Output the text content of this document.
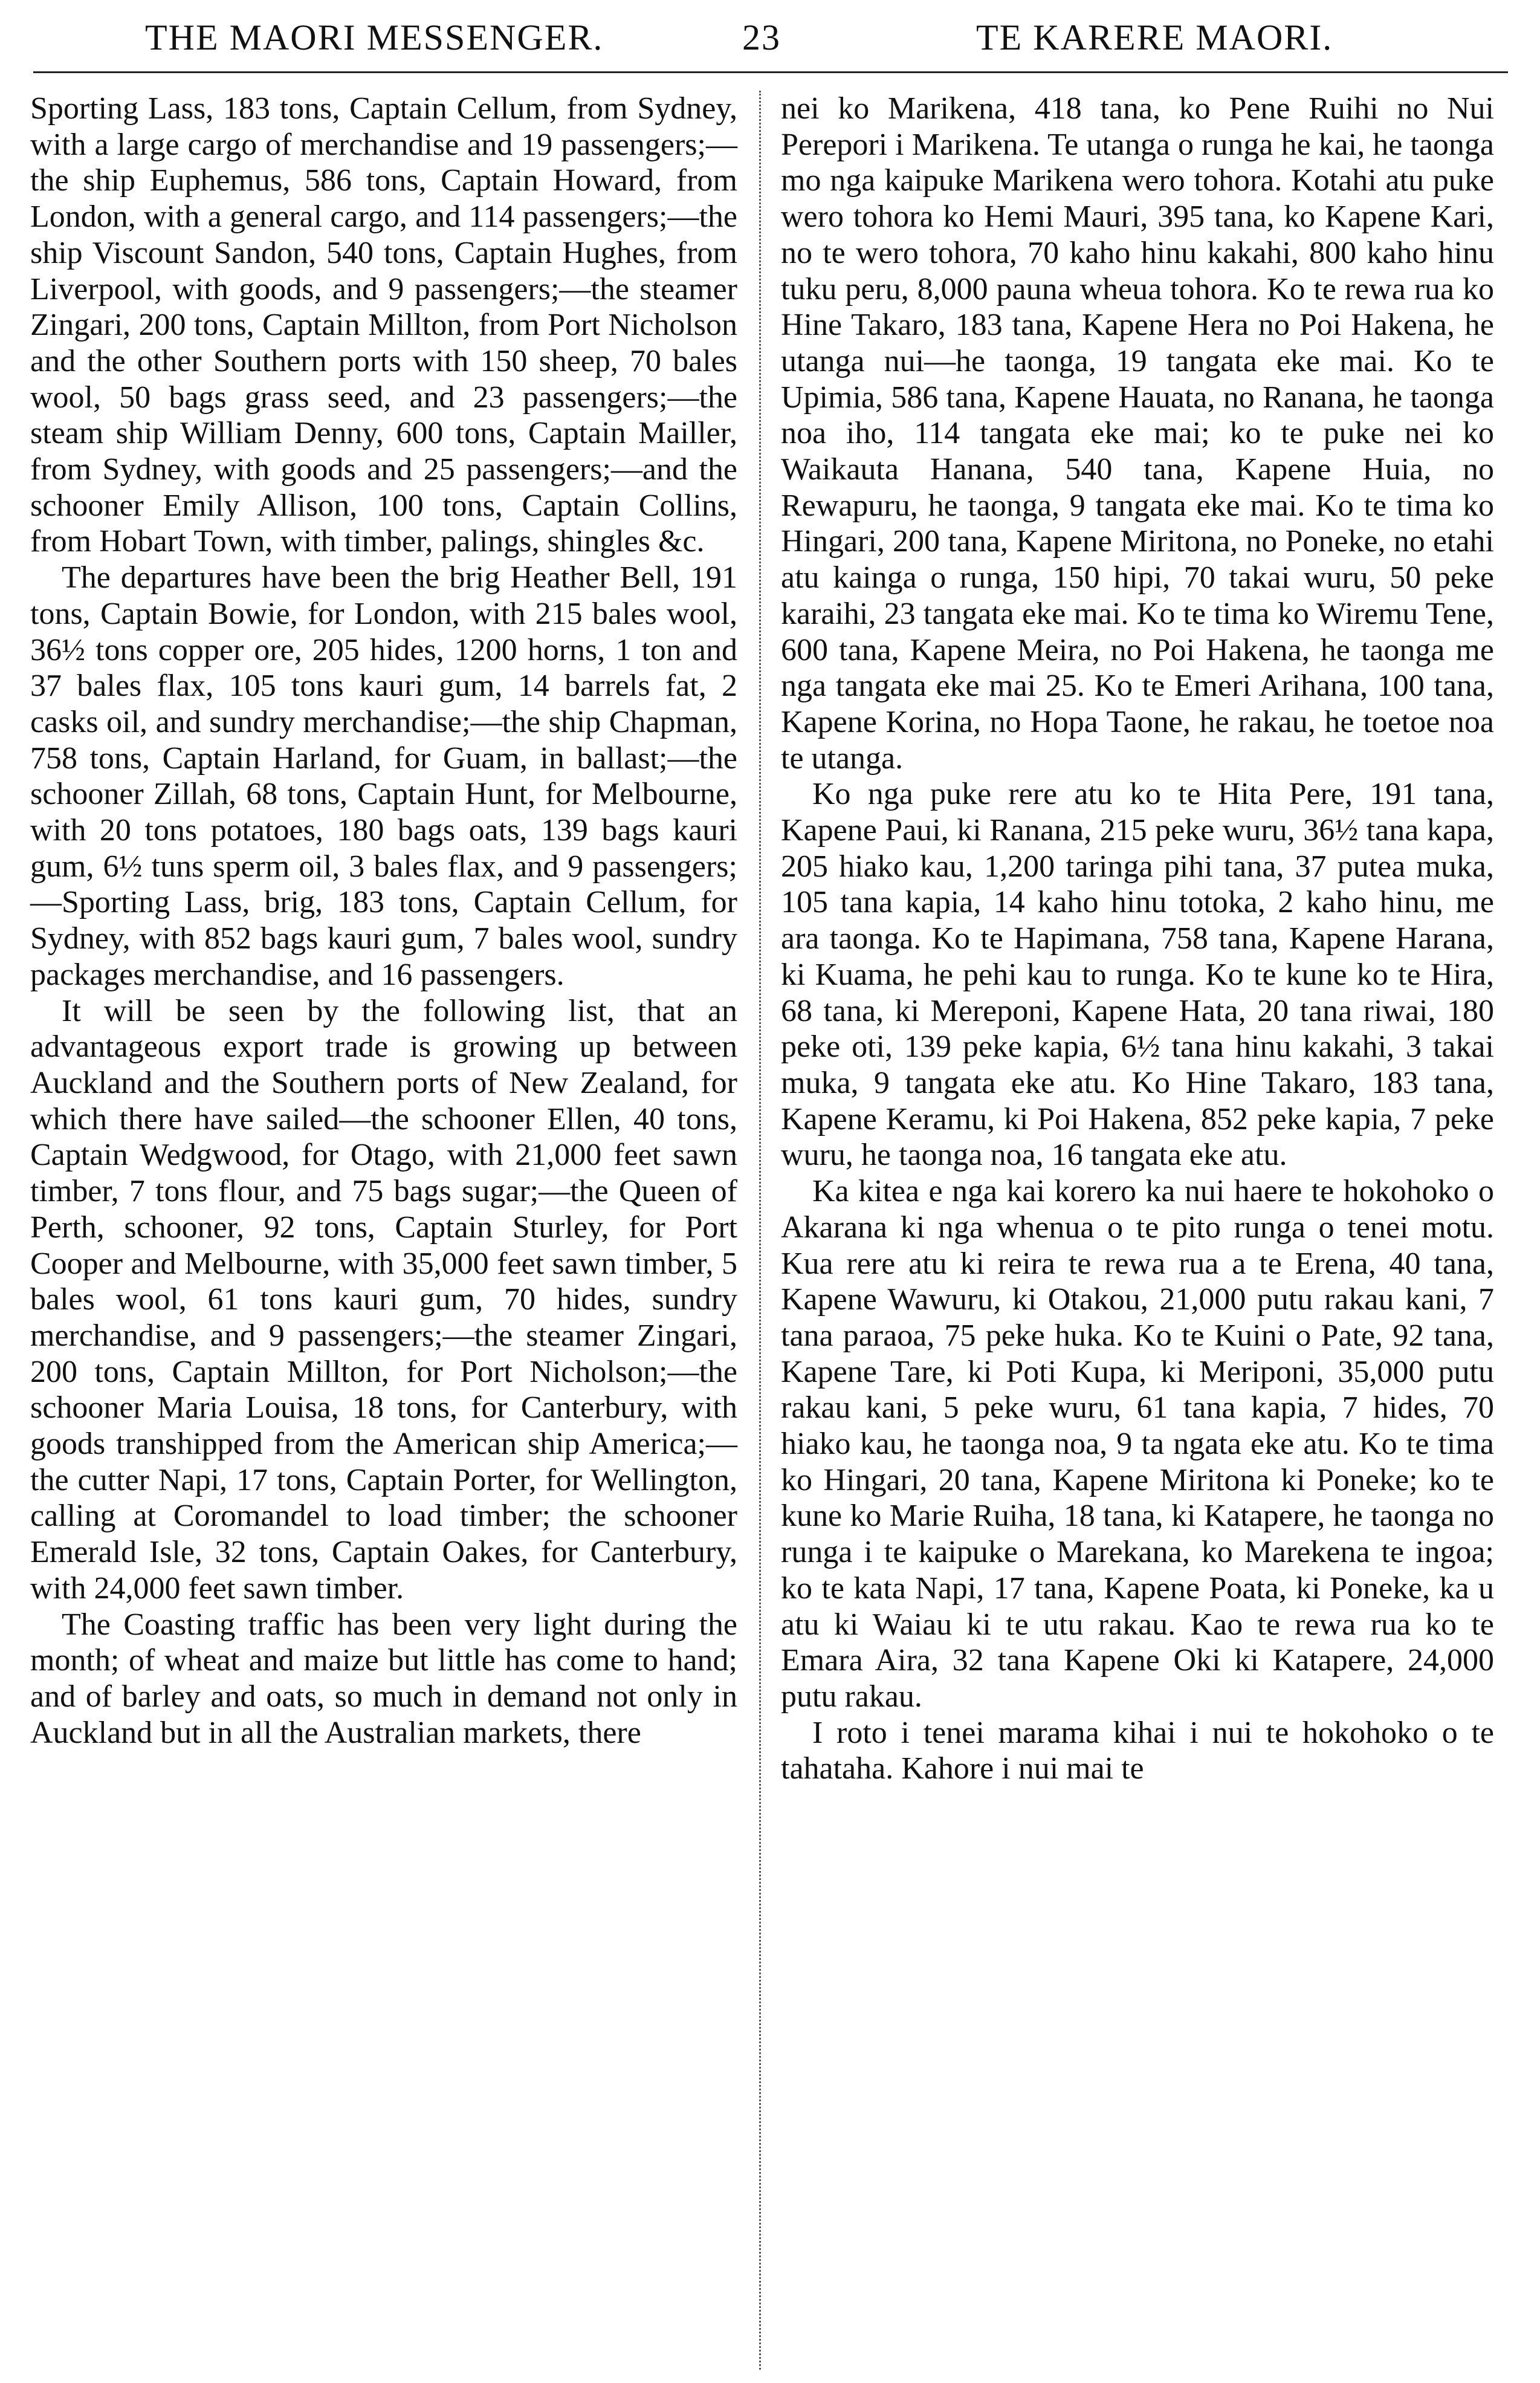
THE MAORI MESSENGER.	23	TE KARERE MAORI.

Sporting Lass, 183 tons, Captain Cellum, from Sydney, with a large cargo of merchandise and 19 passengers;—the ship Euphemus, 586 tons, Captain Howard, from London, with a general cargo, and 114 passengers;—the ship Viscount Sandon, 540 tons, Captain Hughes, from Liverpool, with goods, and 9 passengers;—the steamer Zingari, 200 tons, Captain Millton, from Port Nicholson and the other Southern ports with 150 sheep, 70 bales wool, 50 bags grass seed, and 23 passengers;—the steam ship William Denny, 600 tons, Captain Mailler, from Sydney, with goods and 25 passengers;—and the schooner Emily Allison, 100 tons, Captain Collins, from Hobart Town, with timber, palings, shingles &c.

The departures have been the brig Heather Bell, 191 tons, Captain Bowie, for London, with 215 bales wool, 36½ tons copper ore, 205 hides, 1200 horns, 1 ton and 37 bales flax, 105 tons kauri gum, 14 barrels fat, 2 casks oil, and sundry merchandise;—the ship Chapman, 758 tons, Captain Harland, for Guam, in ballast;—the schooner Zillah, 68 tons, Captain Hunt, for Melbourne, with 20 tons potatoes, 180 bags oats, 139 bags kauri gum, 6½ tuns sperm oil, 3 bales flax, and 9 passengers;—Sporting Lass, brig, 183 tons, Captain Cellum, for Sydney, with 852 bags kauri gum, 7 bales wool, sundry packages merchandise, and 16 passengers.

It will be seen by the following list, that an advantageous export trade is growing up between Auckland and the Southern ports of New Zealand, for which there have sailed—the schooner Ellen, 40 tons, Captain Wedgwood, for Otago, with 21,000 feet sawn timber, 7 tons flour, and 75 bags sugar;—the Queen of Perth, schooner, 92 tons, Captain Sturley, for Port Cooper and Melbourne, with 35,000 feet sawn timber, 5 bales wool, 61 tons kauri gum, 70 hides, sundry merchandise, and 9 passengers;—the steamer Zingari, 200 tons, Captain Millton, for Port Nicholson;—the schooner Maria Louisa, 18 tons, for Canterbury, with goods transhipped from the American ship America;—the cutter Napi, 17 tons, Captain Porter, for Wellington, calling at Coromandel to load timber; the schooner Emerald Isle, 32 tons, Captain Oakes, for Canterbury, with 24,000 feet sawn timber.

The Coasting traffic has been very light during the month; of wheat and maize but little has come to hand; and of barley and oats, so much in demand not only in Auckland but in all the Australian markets, there

nei ko Marikena, 418 tana, ko Pene Ruihi no Nui Perepori i Marikena. Te utanga o runga he kai, he taonga mo nga kaipuke Marikena wero tohora. Kotahi atu puke wero tohora ko Hemi Mauri, 395 tana, ko Kapene Kari, no te wero tohora, 70 kaho hinu kakahi, 800 kaho hinu tuku peru, 8,000 pauna wheua tohora. Ko te rewa rua ko Hine Takaro, 183 tana, Kapene Hera no Poi Hakena, he utanga nui—he taonga, 19 tangata eke mai. Ko te Upimia, 586 tana, Kapene Hauata, no Ranana, he taonga noa iho, 114 tangata eke mai; ko te puke nei ko Waikauta Hanana, 540 tana, Kapene Huia, no Rewapuru, he taonga, 9 tangata eke mai. Ko te tima ko Hingari, 200 tana, Kapene Miritona, no Poneke, no etahi atu kainga o runga, 150 hipi, 70 takai wuru, 50 peke karaihi, 23 tangata eke mai. Ko te tima ko Wiremu Tene, 600 tana, Kapene Meira, no Poi Hakena, he taonga me nga tangata eke mai 25. Ko te Emeri Arihana, 100 tana, Kapene Korina, no Hopa Taone, he rakau, he toetoe noa te utanga.

Ko nga puke rere atu ko te Hita Pere, 191 tana, Kapene Paui, ki Ranana, 215 peke wuru, 36½ tana kapa, 205 hiako kau, 1,200 taringa pihi tana, 37 putea muka, 105 tana kapia, 14 kaho hinu totoka, 2 kaho hinu, me ara taonga. Ko te Hapimana, 758 tana, Kapene Harana, ki Kuama, he pehi kau to runga. Ko te kune ko te Hira, 68 tana, ki Mereponi, Kapene Hata, 20 tana riwai, 180 peke oti, 139 peke kapia, 6½ tana hinu kakahi, 3 takai muka, 9 tangata eke atu. Ko Hine Takaro, 183 tana, Kapene Keramu, ki Poi Hakena, 852 peke kapia, 7 peke wuru, he taonga noa, 16 tangata eke atu.

Ka kitea e nga kai korero ka nui haere te hokohoko o Akarana ki nga whenua o te pito runga o tenei motu. Kua rere atu ki reira te rewa rua a te Erena, 40 tana, Kapene Wawuru, ki Otakou, 21,000 putu rakau kani, 7 tana paraoa, 75 peke huka. Ko te Kuini o Pate, 92 tana, Kapene Tare, ki Poti Kupa, ki Meriponi, 35,000 putu rakau kani, 5 peke wuru, 61 tana kapia, 7 hides, 70 hiako kau, he taonga noa, 9 ta ngata eke atu. Ko te tima ko Hingari, 20 tana, Kapene Miritona ki Poneke; ko te kune ko Marie Ruiha, 18 tana, ki Katapere, he taonga no runga i te kaipuke o Marekana, ko Marekena te ingoa; ko te kata Napi, 17 tana, Kapene Poata, ki Poneke, ka u atu ki Waiau ki te utu rakau. Kao te rewa rua ko te Emara Aira, 32 tana Kapene Oki ki Katapere, 24,000 putu rakau.

I roto i tenei marama kihai i nui te hokohoko o te tahataha. Kahore i nui mai te
